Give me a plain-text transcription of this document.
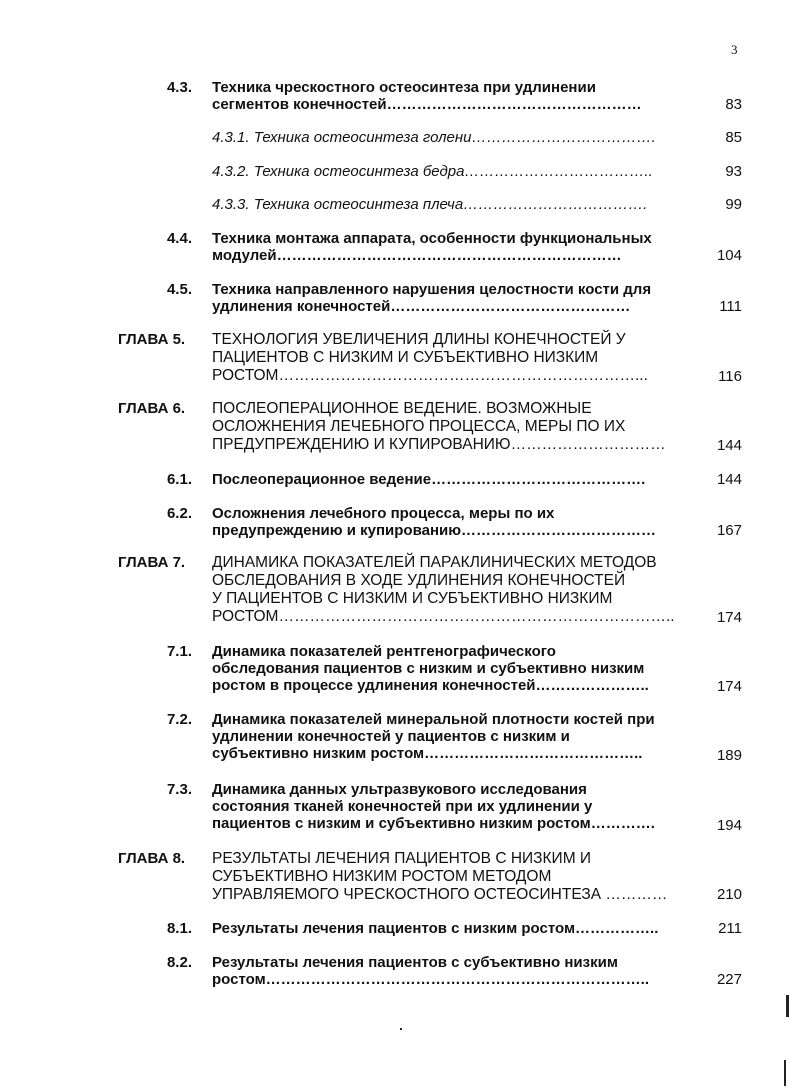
3
4.3. Техника чрескостного остеосинтеза при удлинении
сегментов конечностей……………………………………………	83
4.3.1. Техника остеосинтеза голени……………………………….	85
4.3.2. Техника остеосинтеза бедра………………………………..	93
4.3.3. Техника остеосинтеза плеча……………………………….	99
4.4. Техника монтажа аппарата, особенности функциональных
модулей……………………………………………………………	104
4.5. Техника направленного нарушения целостности кости для
удлинения конечностей…………………………………………	111
ГЛАВА 5.	ТЕХНОЛОГИЯ УВЕЛИЧЕНИЯ ДЛИНЫ КОНЕЧНОСТЕЙ У
ПАЦИЕНТОВ С НИЗКИМ И СУБЪЕКТИВНО НИЗКИМ
РОСТОМ……………………………………………………………...	116
ГЛАВА 6.	ПОСЛЕОПЕРАЦИОННОЕ ВЕДЕНИЕ. ВОЗМОЖНЫЕ
ОСЛОЖНЕНИЯ ЛЕЧЕБНОГО ПРОЦЕССА, МЕРЫ ПО ИХ
ПРЕДУПРЕЖДЕНИЮ И КУПИРОВАНИЮ…………………………	144
6.1. Послеоперационное ведение…………………………………….	144
6.2. Осложнения лечебного процесса, меры по их
предупреждению и купированию…………………………………	167
ГЛАВА 7.	ДИНАМИКА ПОКАЗАТЕЛЕЙ ПАРАКЛИНИЧЕСКИХ МЕТОДОВ
ОБСЛЕДОВАНИЯ В ХОДЕ УДЛИНЕНИЯ КОНЕЧНОСТЕЙ
У ПАЦИЕНТОВ С НИЗКИМ И СУБЪЕКТИВНО НИЗКИМ
РОСТОМ…………………………………………………………………..	174
7.1. Динамика показателей рентгенографического
обследования пациентов с низким и субъективно низким
ростом в процессе удлинения конечностей…………………..	174
7.2. Динамика показателей минеральной плотности костей при
удлинении конечностей у пациентов с низким и
субъективно низким ростом……………………………………..	189
7.3. Динамика данных ультразвукового исследования
состояния тканей конечностей при их удлинении у
пациентов с низким и субъективно низким ростом………….	194
ГЛАВА 8.	РЕЗУЛЬТАТЫ ЛЕЧЕНИЯ ПАЦИЕНТОВ С НИЗКИМ И
СУБЪЕКТИВНО НИЗКИМ РОСТОМ МЕТОДОМ
УПРАВЛЯЕМОГО ЧРЕСКОСТНОГО ОСТЕОСИНТЕЗА …………	210
8.1. Результаты лечения пациентов с низким ростом……………..	211
8.2. Результаты лечения пациентов с субъективно низким
ростом…………………………………………………………………..	227
